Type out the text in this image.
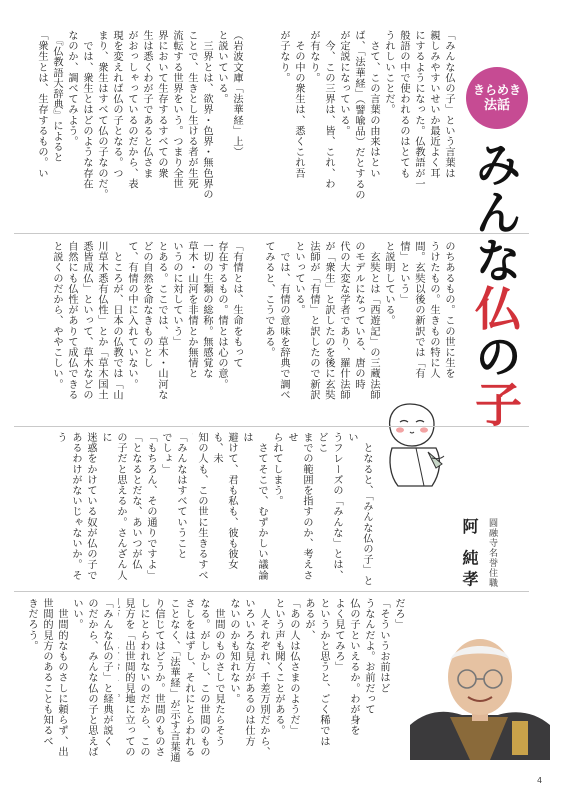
きらめき
法話
みんな仏の子
圓融寺名誉住職
阿 純孝
「みんな仏の子」という言葉は
親しみやすいせいか最近よく耳
にするようになった。仏教語が一
般語の中で使われるのはとても
うれしいことだ。
　さて、この言葉の由来はとい
ば、「法華経」（譬喩品）だとするの
が定説になっている。
　今、この三界は、皆、これ、わ
が有なり。
　その中の衆生は、悉くこれ吾
が子なり。
（岩波文庫「法華経」上）
と説いている。
　三界とは、欲界・色界・無色界の
ことで、生きとし生ける者が生死
流転する世界をいう。つまり全世
界において生存するすべての衆
生は悉くわが子であると仏さま
がおっしゃっているのだから、表
現を変えれば仏の子となる。つ
まり、衆生はすべて仏の子なのだ。
　では、衆生とはどのような存在
なのか、調べてみよう。
　『仏教語大辞典』によると
「衆生とは、生存するもの。い
のちあるもの。この世に生を
うけたもの。生きもの特に人
間。玄奘以後の新訳では「有
情」という」
と説明している。
　玄奘とは「西遊記」の三蔵法師
のモデルになっている、唐の時
代の大変な学者であり、羅什法師
が「衆生」と訳したのを後に玄奘
法師が「有情」と訳したので新訳
といっている。
　では、有情の意味を辞典で調べ
てみると、こうである。
「有情とは、生命をもって
存在するもの。情とは心の意。
一切の生類の総称。無感覚な
草木・山河を非情とか無情と
いうのに対していう」
とある。ここでは、草木・山河な
どの自然を命なきものとし
て、有情の中に入れていない。
　ところが、日本の仏教では「山
川草木悉有仏性」とか「草木国土
悉皆成仏」といって、草木などの
自然にも仏性がありて成仏できる
と説くのだから、ややこしい。
　となると、「みんな仏の子」とい
うフレーズの「みんな」とは、どこ
までの範囲を指すのか、考えさせ
られてしまう。
　さてそこで、むずかしい議論は
避けて、君も私も、彼も彼女も、未
知の人も、この世に生きるすべ

「みんなはすべていうこと
でしょ」
「もちろん、その通りですよ」
「となるとだな、あいつが仏
の子だと思えるか。さんざん人に
迷惑をかけている奴が仏の子で
あるわけがないじゃないか。そう
だろ」
「そういうお前はど
うなんだよ。お前だって
仏の子といえるか。わが身を
よく見てみろ」
というかと思うと、ごく稀では
あるが、
「あの人は仏さまのようだ」
という声も聞くことがある。
　人それぞれ、千差万別だから、
いろいろな見方があるのは仕方
ないのかも知れない。
　世間のものさしで見たらそう
なる。がしかし、この世間のもの
さしをはずし、それにとらわれる
ことなく、「法華経」が示す言葉通
り信じてはどうか。世間のものさ
しにとらわれないのだから、この
見方を「出世間的見地に立っての

「みんな仏の子」と経典が説く
のだから、みんな仏の子と思えば
いい。
　世間的なものさしに頼らず、出
世間的見方のあることも知るべ
きだろう。
4
